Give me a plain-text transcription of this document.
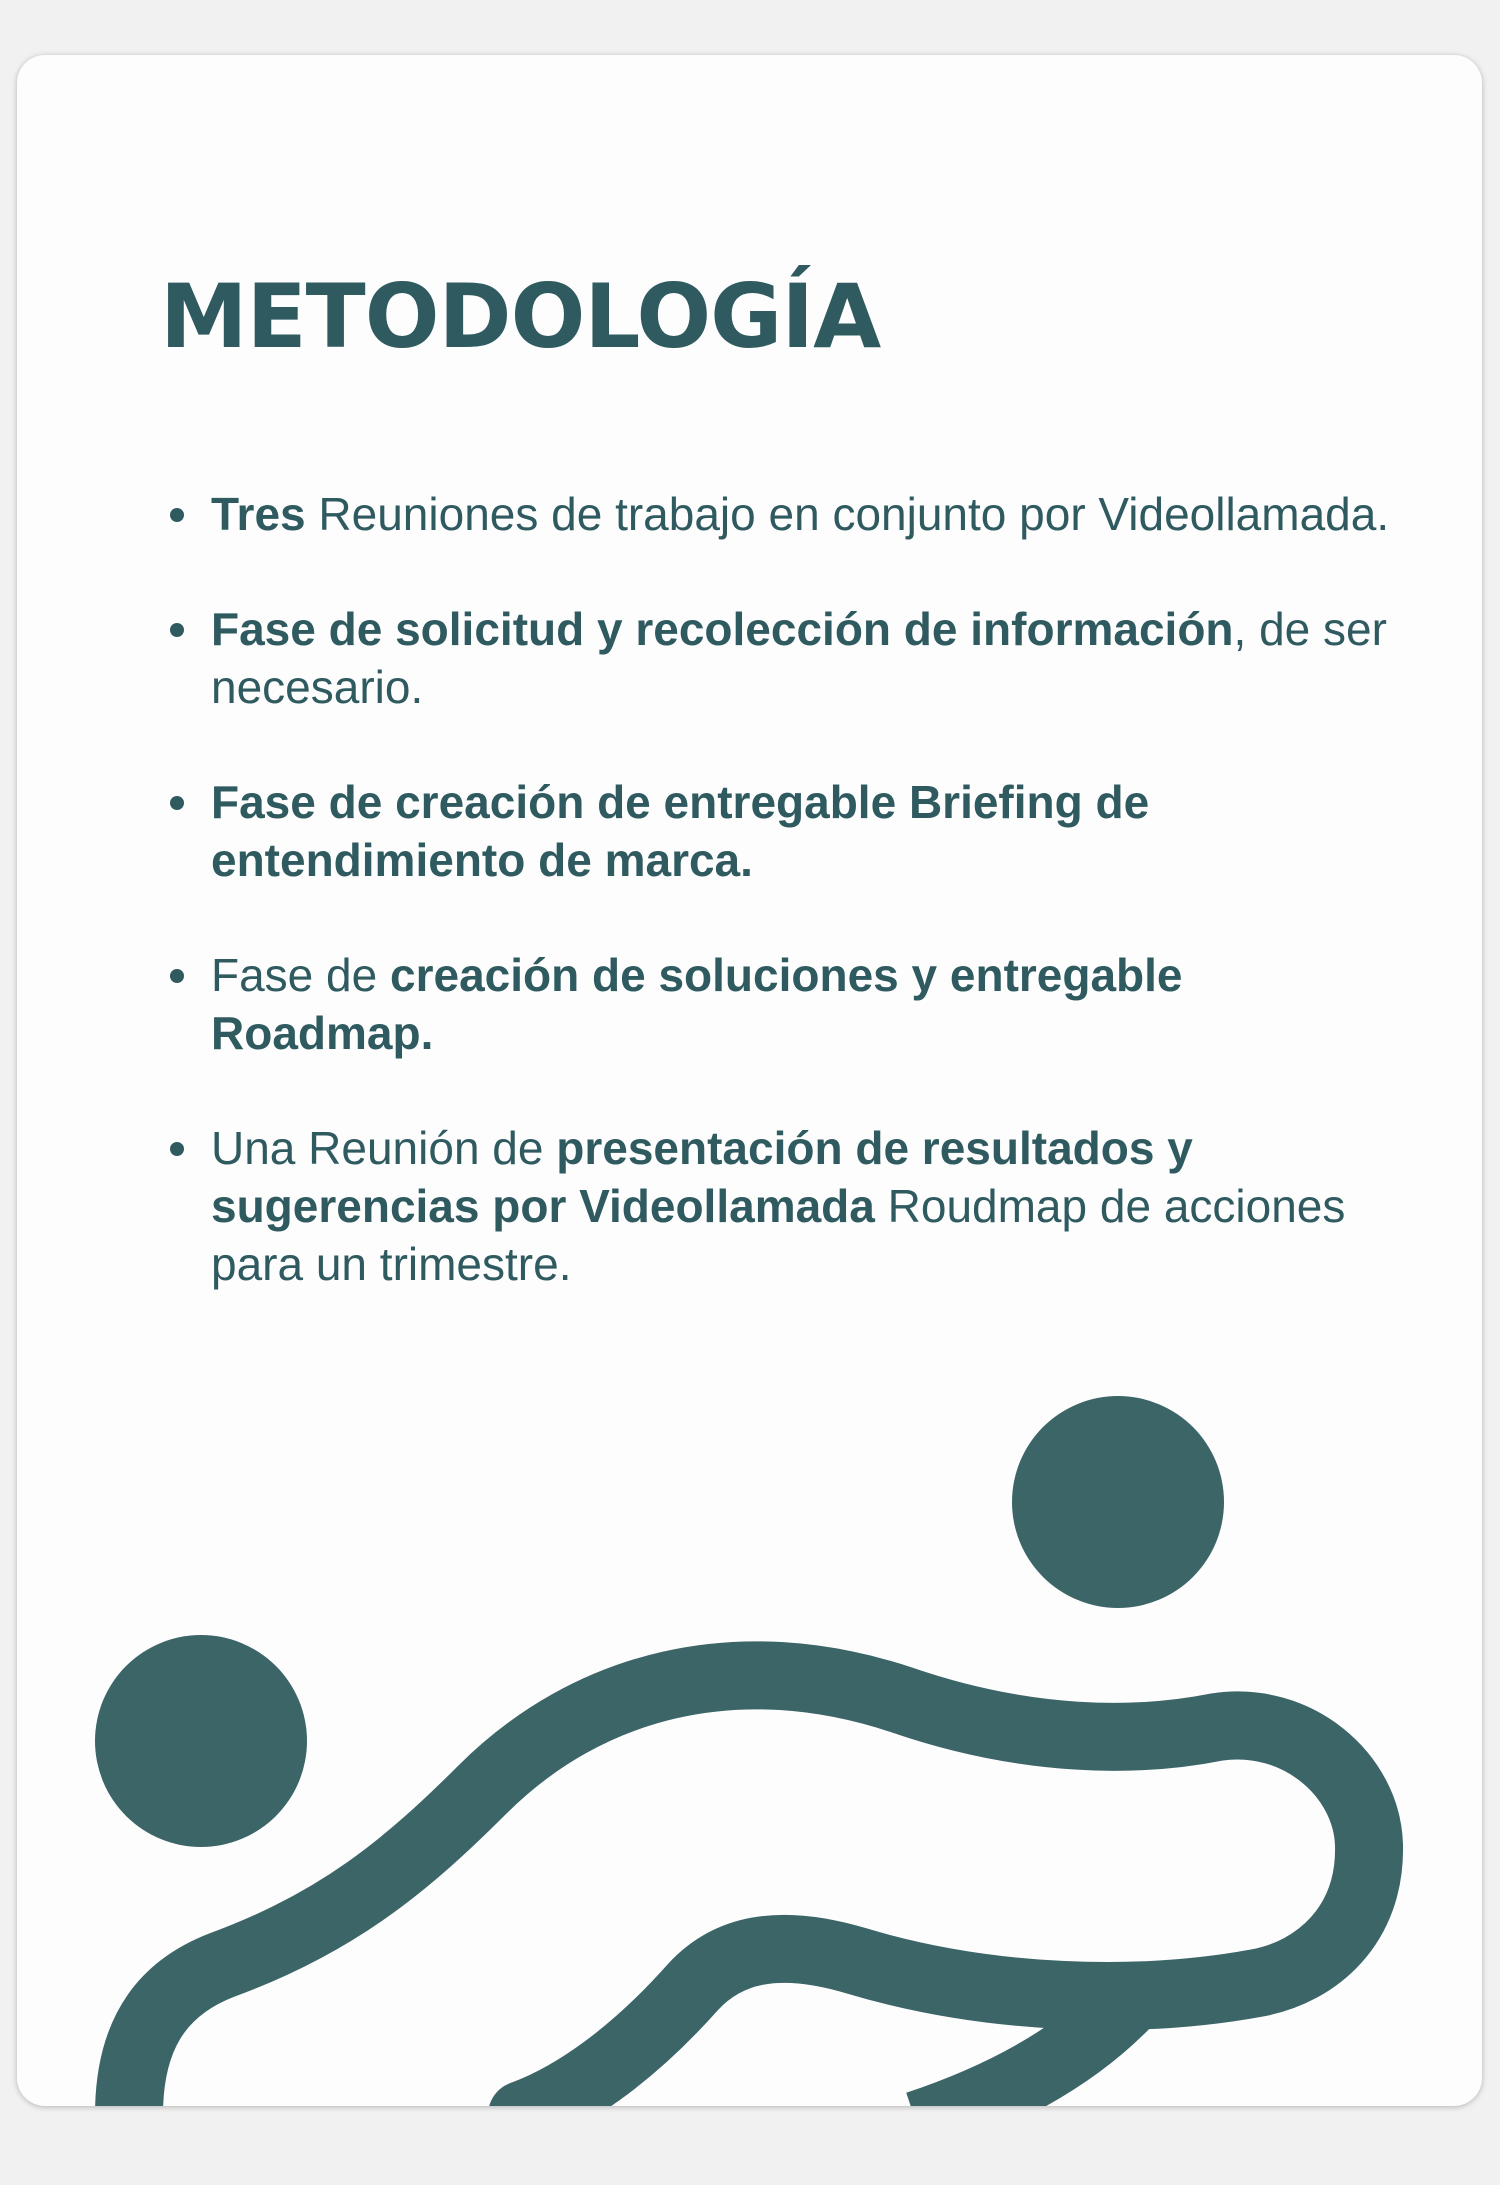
METODOLOGÍA
Tres Reuniones de trabajo en conjunto por Videollamada.
Fase de solicitud y recolección de información, de ser necesario.
Fase de creación de entregable Briefing de entendimiento de marca.
Fase de creación de soluciones y entregable Roadmap.
Una Reunión de presentación de resultados y sugerencias por Videollamada Roudmap de acciones para un trimestre.
